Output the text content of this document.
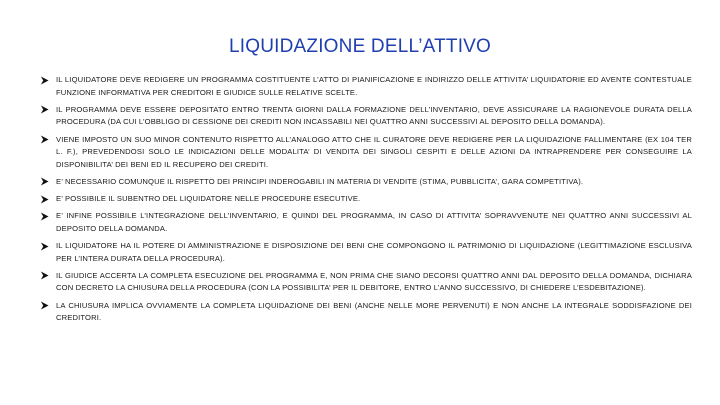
LIQUIDAZIONE DELL’ATTIVO
IL LIQUIDATORE DEVE REDIGERE UN PROGRAMMA COSTITUENTE L’ATTO DI PIANIFICAZIONE E INDIRIZZO DELLE ATTIVITA’ LIQUIDATORIE ED AVENTE CONTESTUALE FUNZIONE INFORMATIVA PER CREDITORI E GIUDICE SULLE RELATIVE SCELTE.
IL PROGRAMMA DEVE ESSERE DEPOSITATO ENTRO TRENTA GIORNI DALLA FORMAZIONE DELL’INVENTARIO, DEVE ASSICURARE LA RAGIONEVOLE DURATA DELLA PROCEDURA (DA CUI L’OBBLIGO DI CESSIONE DEI CREDITI NON INCASSABILI NEI QUATTRO ANNI SUCCESSIVI AL DEPOSITO DELLA DOMANDA).
VIENE IMPOSTO UN SUO MINOR CONTENUTO RISPETTO ALL’ANALOGO ATTO CHE IL CURATORE DEVE REDIGERE PER LA LIQUIDAZIONE FALLIMENTARE (EX 104 TER L. F.), PREVEDENDOSI SOLO LE INDICAZIONI DELLE MODALITA’ DI VENDITA DEI SINGOLI CESPITI E DELLE AZIONI DA INTRAPRENDERE PER CONSEGUIRE LA DISPONIBILITA’ DEI BENI ED IL RECUPERO DEI CREDITI.
E’ NECESSARIO COMUNQUE IL RISPETTO DEI PRINCIPI INDEROGABILI IN MATERIA DI VENDITE (STIMA, PUBBLICITA’, GARA COMPETITIVA).
E’ POSSIBILE IL SUBENTRO DEL LIQUIDATORE NELLE PROCEDURE ESECUTIVE.
E’ INFINE POSSIBILE L’INTEGRAZIONE DELL’INVENTARIO, E QUINDI DEL PROGRAMMA, IN CASO DI ATTIVITA’ SOPRAVVENUTE NEI QUATTRO ANNI SUCCESSIVI AL DEPOSITO DELLA DOMANDA.
IL LIQUIDATORE HA IL POTERE DI AMMINISTRAZIONE E DISPOSIZIONE DEI BENI CHE COMPONGONO IL PATRIMONIO DI LIQUIDAZIONE (LEGITTIMAZIONE ESCLUSIVA PER L’INTERA DURATA DELLA PROCEDURA).
IL GIUDICE ACCERTA LA COMPLETA ESECUZIONE DEL PROGRAMMA E, NON PRIMA CHE SIANO DECORSI QUATTRO ANNI DAL DEPOSITO DELLA DOMANDA, DICHIARA CON DECRETO LA CHIUSURA DELLA PROCEDURA (CON LA POSSIBILITA’ PER IL DEBITORE, ENTRO L’ANNO SUCCESSIVO, DI CHIEDERE L’ESDEBITAZIONE).
LA CHIUSURA IMPLICA OVVIAMENTE LA COMPLETA LIQUIDAZIONE DEI BENI (ANCHE NELLE MORE PERVENUTI) E NON ANCHE LA INTEGRALE SODDISFAZIONE DEI CREDITORI.
